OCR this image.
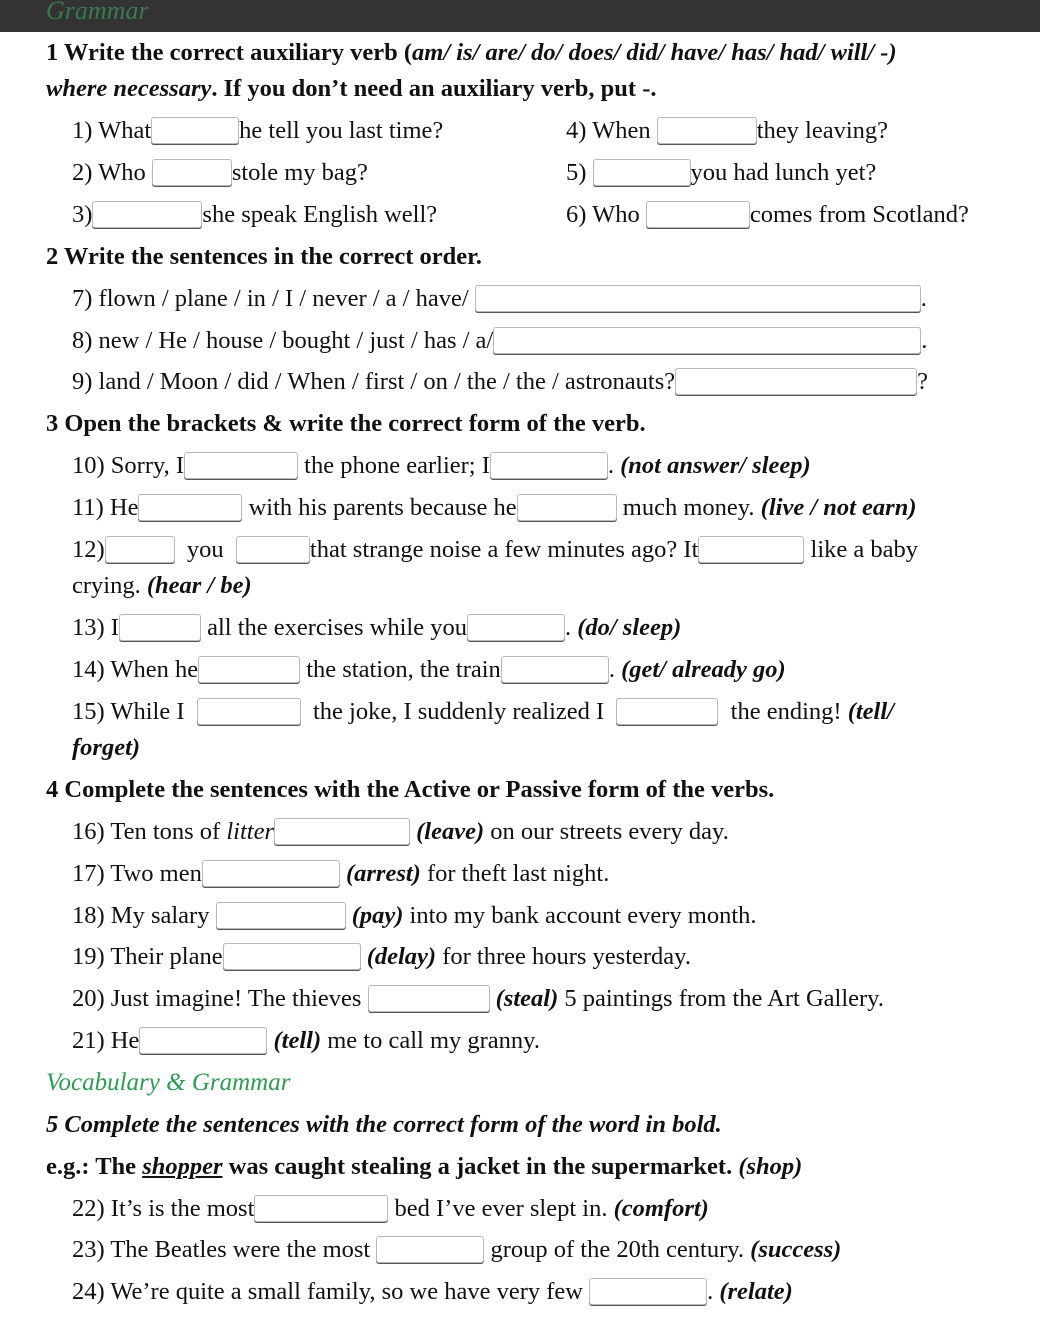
Grammar
1 Write the correct auxiliary verb (am/ is/ are/ do/ does/ did/ have/ has/ had/ will/ -)
where necessary. If you don’t need an auxiliary verb, put -.
1) What	he tell you last time?
2) Who	stole my bag?
3)	she speak English well?
4) When	they leaving?
5)	you had lunch yet?
6) Who	comes from Scotland?
2 Write the sentences in the correct order.
7) flown / plane / in / I / never / a / have/	.
8) new / He / house / bought / just / has / a/	.
9) land / Moon / did / When / first / on / the / the / astronauts?	?
3 Open the brackets & write the correct form of the verb.
10) Sorry, I	the phone earlier; I	. (not answer/ sleep)
11) He	with his parents because he	much money. (live / not earn)
12)	you	that strange noise a few minutes ago? It	like a baby
crying. (hear / be)
13) I	all the exercises while you	. (do/ sleep)
14) When he	the station, the train	. (get/ already go)
15) While I	the joke, I suddenly realized I	the ending! (tell/
forget)
4 Complete the sentences with the Active or Passive form of the verbs.
16) Ten tons of litter	(leave) on our streets every day.
17) Two men	(arrest) for theft last night.
18) My salary	(pay) into my bank account every month.
19) Their plane	(delay) for three hours yesterday.
20) Just imagine! The thieves	(steal) 5 paintings from the Art Gallery.
21) He	(tell) me to call my granny.
Vocabulary & Grammar
5 Complete the sentences with the correct form of the word in bold.
e.g.: The shopper was caught stealing a jacket in the supermarket. (shop)
22) It’s is the most	bed I’ve ever slept in. (comfort)
23) The Beatles were the most	group of the 20th century. (success)
24) We’re quite a small family, so we have very few	. (relate)
